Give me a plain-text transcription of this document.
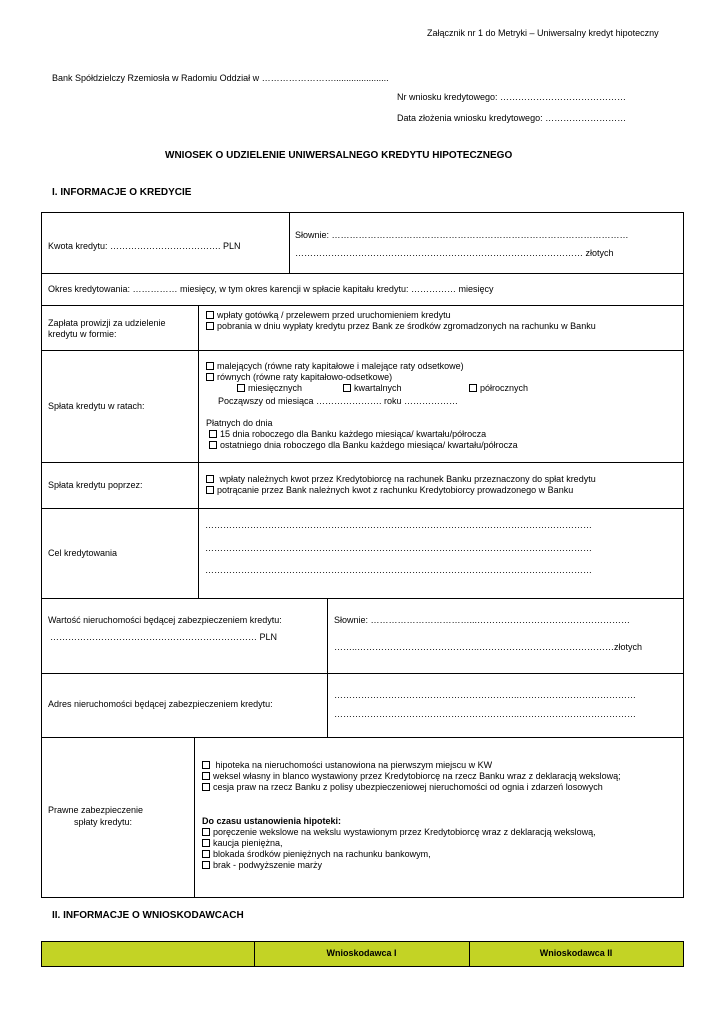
Załącznik nr 1 do Metryki – Uniwersalny kredyt hipoteczny
Bank Spółdzielczy Rzemiosła w Radomiu Oddział w ……………………......................
Nr wniosku kredytowego: ……………………………………
Data złożenia wniosku kredytowego: ………………………
WNIOSEK O UDZIELENIE UNIWERSALNEGO KREDYTU HIPOTECZNEGO
I. INFORMACJE O KREDYCIE
Kwota kredytu: ………………………………. PLN
Słownie: ………………………………………………………………………………………
…………………………………………………………………………………… złotych
Okres kredytowania: …………… miesięcy, w tym okres karencji w spłacie kapitału kredytu: …………… miesięcy
Zapłata prowizji za udzielenie
kredytu w formie:
wpłaty gotówką / przelewem przed uruchomieniem kredytu
pobrania w dniu wypłaty kredytu przez Bank ze środków zgromadzonych na rachunku w Banku
Spłata kredytu w ratach:
malejących (równe raty kapitałowe i malejące raty odsetkowe)
równych (równe raty kapitałowo-odsetkowe)
miesięcznych	kwartalnych	półrocznych
Począwszy od miesiąca …………………. roku ………………
Płatnych do dnia
15 dnia roboczego dla Banku każdego miesiąca/ kwartału/półrocza
ostatniego dnia roboczego dla Banku każdego miesiąca/ kwartału/półrocza
Spłata kredytu poprzez:
wpłaty należnych kwot przez Kredytobiorcę na rachunek Banku przeznaczony do spłat kredytu
potrącanie przez Bank należnych kwot z rachunku Kredytobiorcy prowadzonego w Banku
Cel kredytowania
…………………………………………………………………………………………………………………
…………………………………………………………………………………………………………………
…………………………………………………………………………………………………………………
Wartość nieruchomości będącej zabezpieczeniem kredytu:
…………………………………………………………… PLN
Słownie: ……………………………...……………………………………………
……..…………………………………..………………………………………złotych
Adres nieruchomości będącej zabezpieczeniem kredytu:
……………………………………………………..…………………………………
……………………………………………………..…………………………………
Prawne zabezpieczenie
spłaty kredytu:
hipoteka na nieruchomości ustanowiona na pierwszym miejscu w KW
weksel własny in blanco wystawiony przez Kredytobiorcę na rzecz Banku wraz z deklaracją wekslową;
cesja praw na rzecz Banku z polisy ubezpieczeniowej nieruchomości od ognia i zdarzeń losowych
Do czasu ustanowienia hipoteki:
poręczenie wekslowe na wekslu wystawionym przez Kredytobiorcę wraz z deklaracją wekslową,
kaucja pieniężna,
blokada środków pieniężnych na rachunku bankowym,
brak - podwyższenie marży
II. INFORMACJE O WNIOSKODAWCACH
Wnioskodawca I	Wnioskodawca II
